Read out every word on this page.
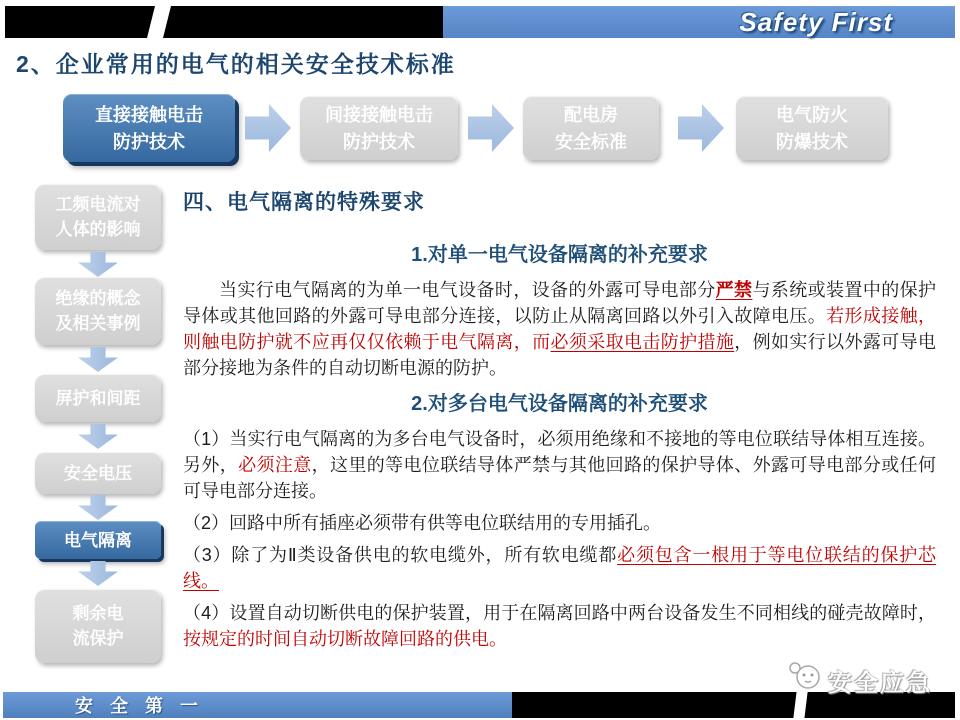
Safety First
2、企业常用的电气的相关安全技术标准
直接接触电击
防护技术
间接接触电击
防护技术
配电房
安全标准
电气防火
防爆技术
工频电流对
人体的影响
绝缘的概念
及相关事例
屏护和间距
安全电压
电气隔离
剩余电
流保护
四、电气隔离的特殊要求
1.对单一电气设备隔离的补充要求
当实行电气隔离的为单一电气设备时，设备的外露可导电部分严禁与系统或装置中的保护导体或其他回路的外露可导电部分连接，以防止从隔离回路以外引入故障电压。若形成接触，则触电防护就不应再仅仅依赖于电气隔离，而必须采取电击防护措施，例如实行以外露可导电部分接地为条件的自动切断电源的防护。
2.对多台电气设备隔离的补充要求
（1）当实行电气隔离的为多台电气设备时，必须用绝缘和不接地的等电位联结导体相互连接。另外，必须注意，这里的等电位联结导体严禁与其他回路的保护导体、外露可导电部分或任何可导电部分连接。
（2）回路中所有插座必须带有供等电位联结用的专用插孔。
（3）除了为Ⅱ类设备供电的软电缆外，所有软电缆都必须包含一根用于等电位联结的保护芯线。
（4）设置自动切断供电的保护装置，用于在隔离回路中两台设备发生不同相线的碰壳故障时，按规定的时间自动切断故障回路的供电。
安 全 第 一
安全应急
